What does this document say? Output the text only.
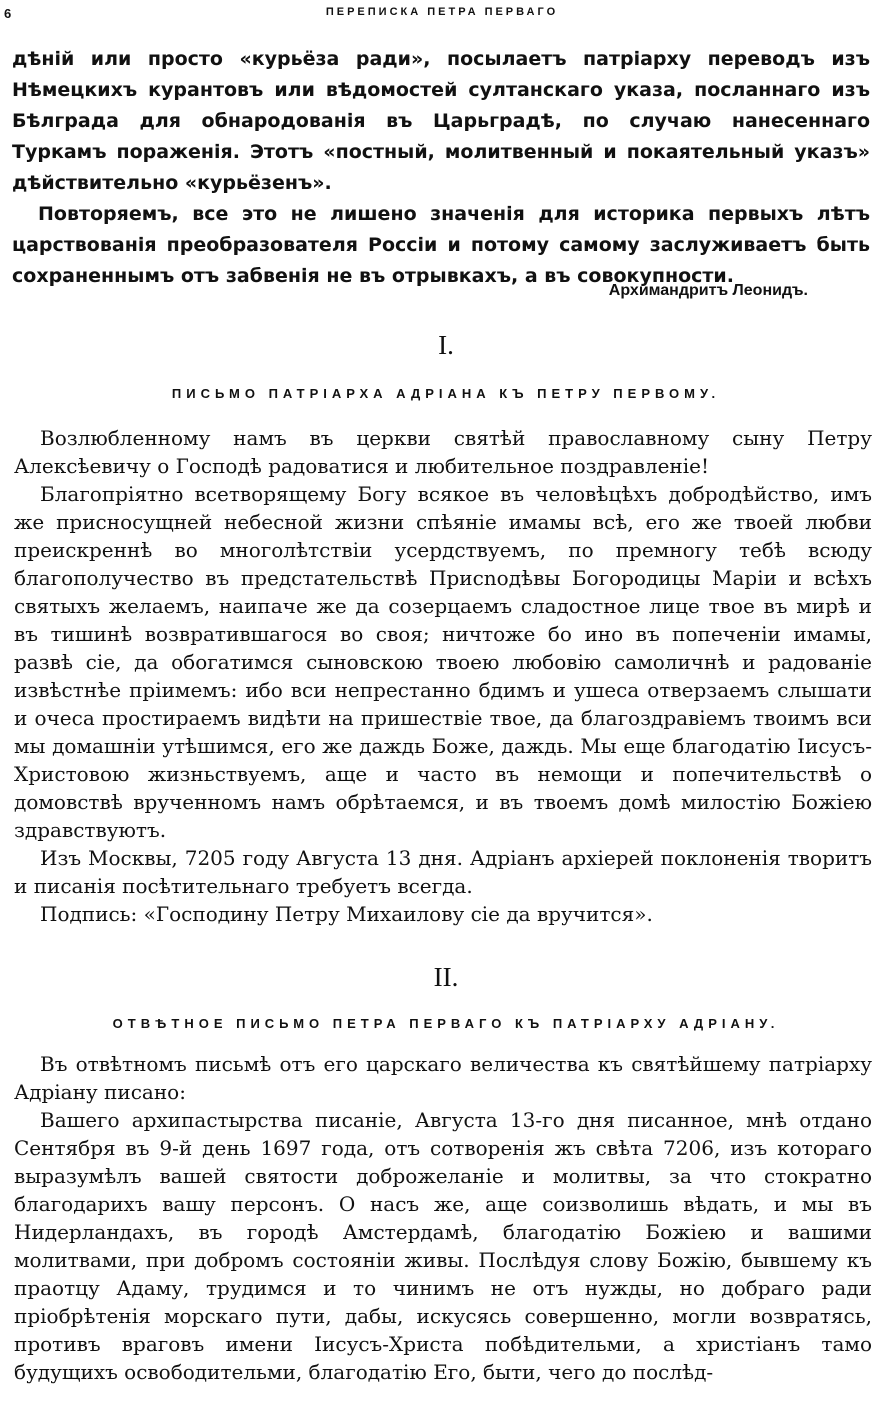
6	ПЕРЕПИСКА ПЕТРА ПЕРВАГО

дѣній или просто «курьёза ради», посылаетъ патріарху переводъ изъ Нѣмецкихъ курантовъ или вѣдомостей султанскаго указа, посланнаго изъ Бѣлграда для обнародованія въ Царьградѣ, по случаю нанесеннаго Туркамъ пораженія. Этотъ «постный, молитвенный и покаятельный указъ» дѣйствительно «курьёзенъ».

Повторяемъ, все это не лишено значенія для историка первыхъ лѣтъ царствованія преобразователя Россіи и потому самому заслуживаетъ быть сохраненнымъ отъ забвенія не въ отрывкахъ, а въ совокупности.

Архимандритъ Леонидъ.
I.
ПИСЬМО ПАТРІАРХА АДРІАНА КЪ ПЕТРУ ПЕРВОМУ.

Возлюбленному намъ въ церкви святѣй православному сыну Петру Алексѣевичу о Господѣ радоватися и любительное поздравленіе!

Благопріятно всетворящему Богу всякое въ человѣцѣхъ добродѣйство, имъ же присносущней небесной жизни спѣяніе имамы всѣ, его же твоей любви преискреннѣ во многолѣтствіи усердствуемъ, по премногу тебѣ всюду благополучество въ предстательствѣ Присnодѣвы Богородицы Маріи и всѣхъ святыхъ желаемъ, наипаче же да созерцаемъ сладостное лице твое въ мирѣ и въ тишинѣ возвратившагося во своя; ничтоже бо ино въ попеченіи имамы, развѣ сіе, да обогатимся сыновскою твоею любовію самоличнѣ и радованіе извѣстнѣе пріимемъ: ибо вси непрестанно бдимъ и ушеса отверзаемъ слышати и очеса простираемъ видѣти на пришествіе твое, да благоздравіемъ твоимъ вси мы домашніи утѣшимся, его же даждь Боже, даждь. Мы еще благодатію Іисусъ-Христовою жизньствуемъ, аще и часто въ немощи и попечительствѣ о домовствѣ врученномъ намъ обрѣтаемся, и въ твоемъ домѣ милостію Божіею здравствуютъ.

Изъ Москвы, 7205 году Августа 13 дня. Адріанъ архіерей поклоненія творитъ и писанія посѣтительнаго требуетъ всегда.

Подпись: «Господину Петру Михаилову сіе да вручится».

II.
ОТВѢТНОЕ ПИСЬМО ПЕТРА ПЕРВАГО КЪ ПАТРІАРХУ АДРІАНУ.

Въ отвѣтномъ письмѣ отъ его царскаго величества къ святѣйшему патріарху Адріану писано:

Вашего архипастырства писаніе, Августа 13-го дня писанное, мнѣ отдано Сентября въ 9-й день 1697 года, отъ сотворенія жъ свѣта 7206, изъ котораго выразумѣлъ вашей святости доброжеланіе и молитвы, за что стократно благодарихъ вашу персонъ. О насъ же, аще соизволишь вѣдать, и мы въ Нидерландахъ, въ городѣ Амстердамѣ, благодатію Божіею и вашими молитвами, при добромъ состояніи живы. Послѣдуя слову Божію, бывшему къ праотцу Адаму, трудимся и то чинимъ не отъ нужды, но добраго ради пріобрѣтенія морскаго пути, дабы, искусясь совершенно, могли возвратясь, противъ враговъ имени Іисусъ-Христа побѣдительми, а христіанъ тамо будущихъ освободительми, благодатію Его, быти, чего до послѣд-
